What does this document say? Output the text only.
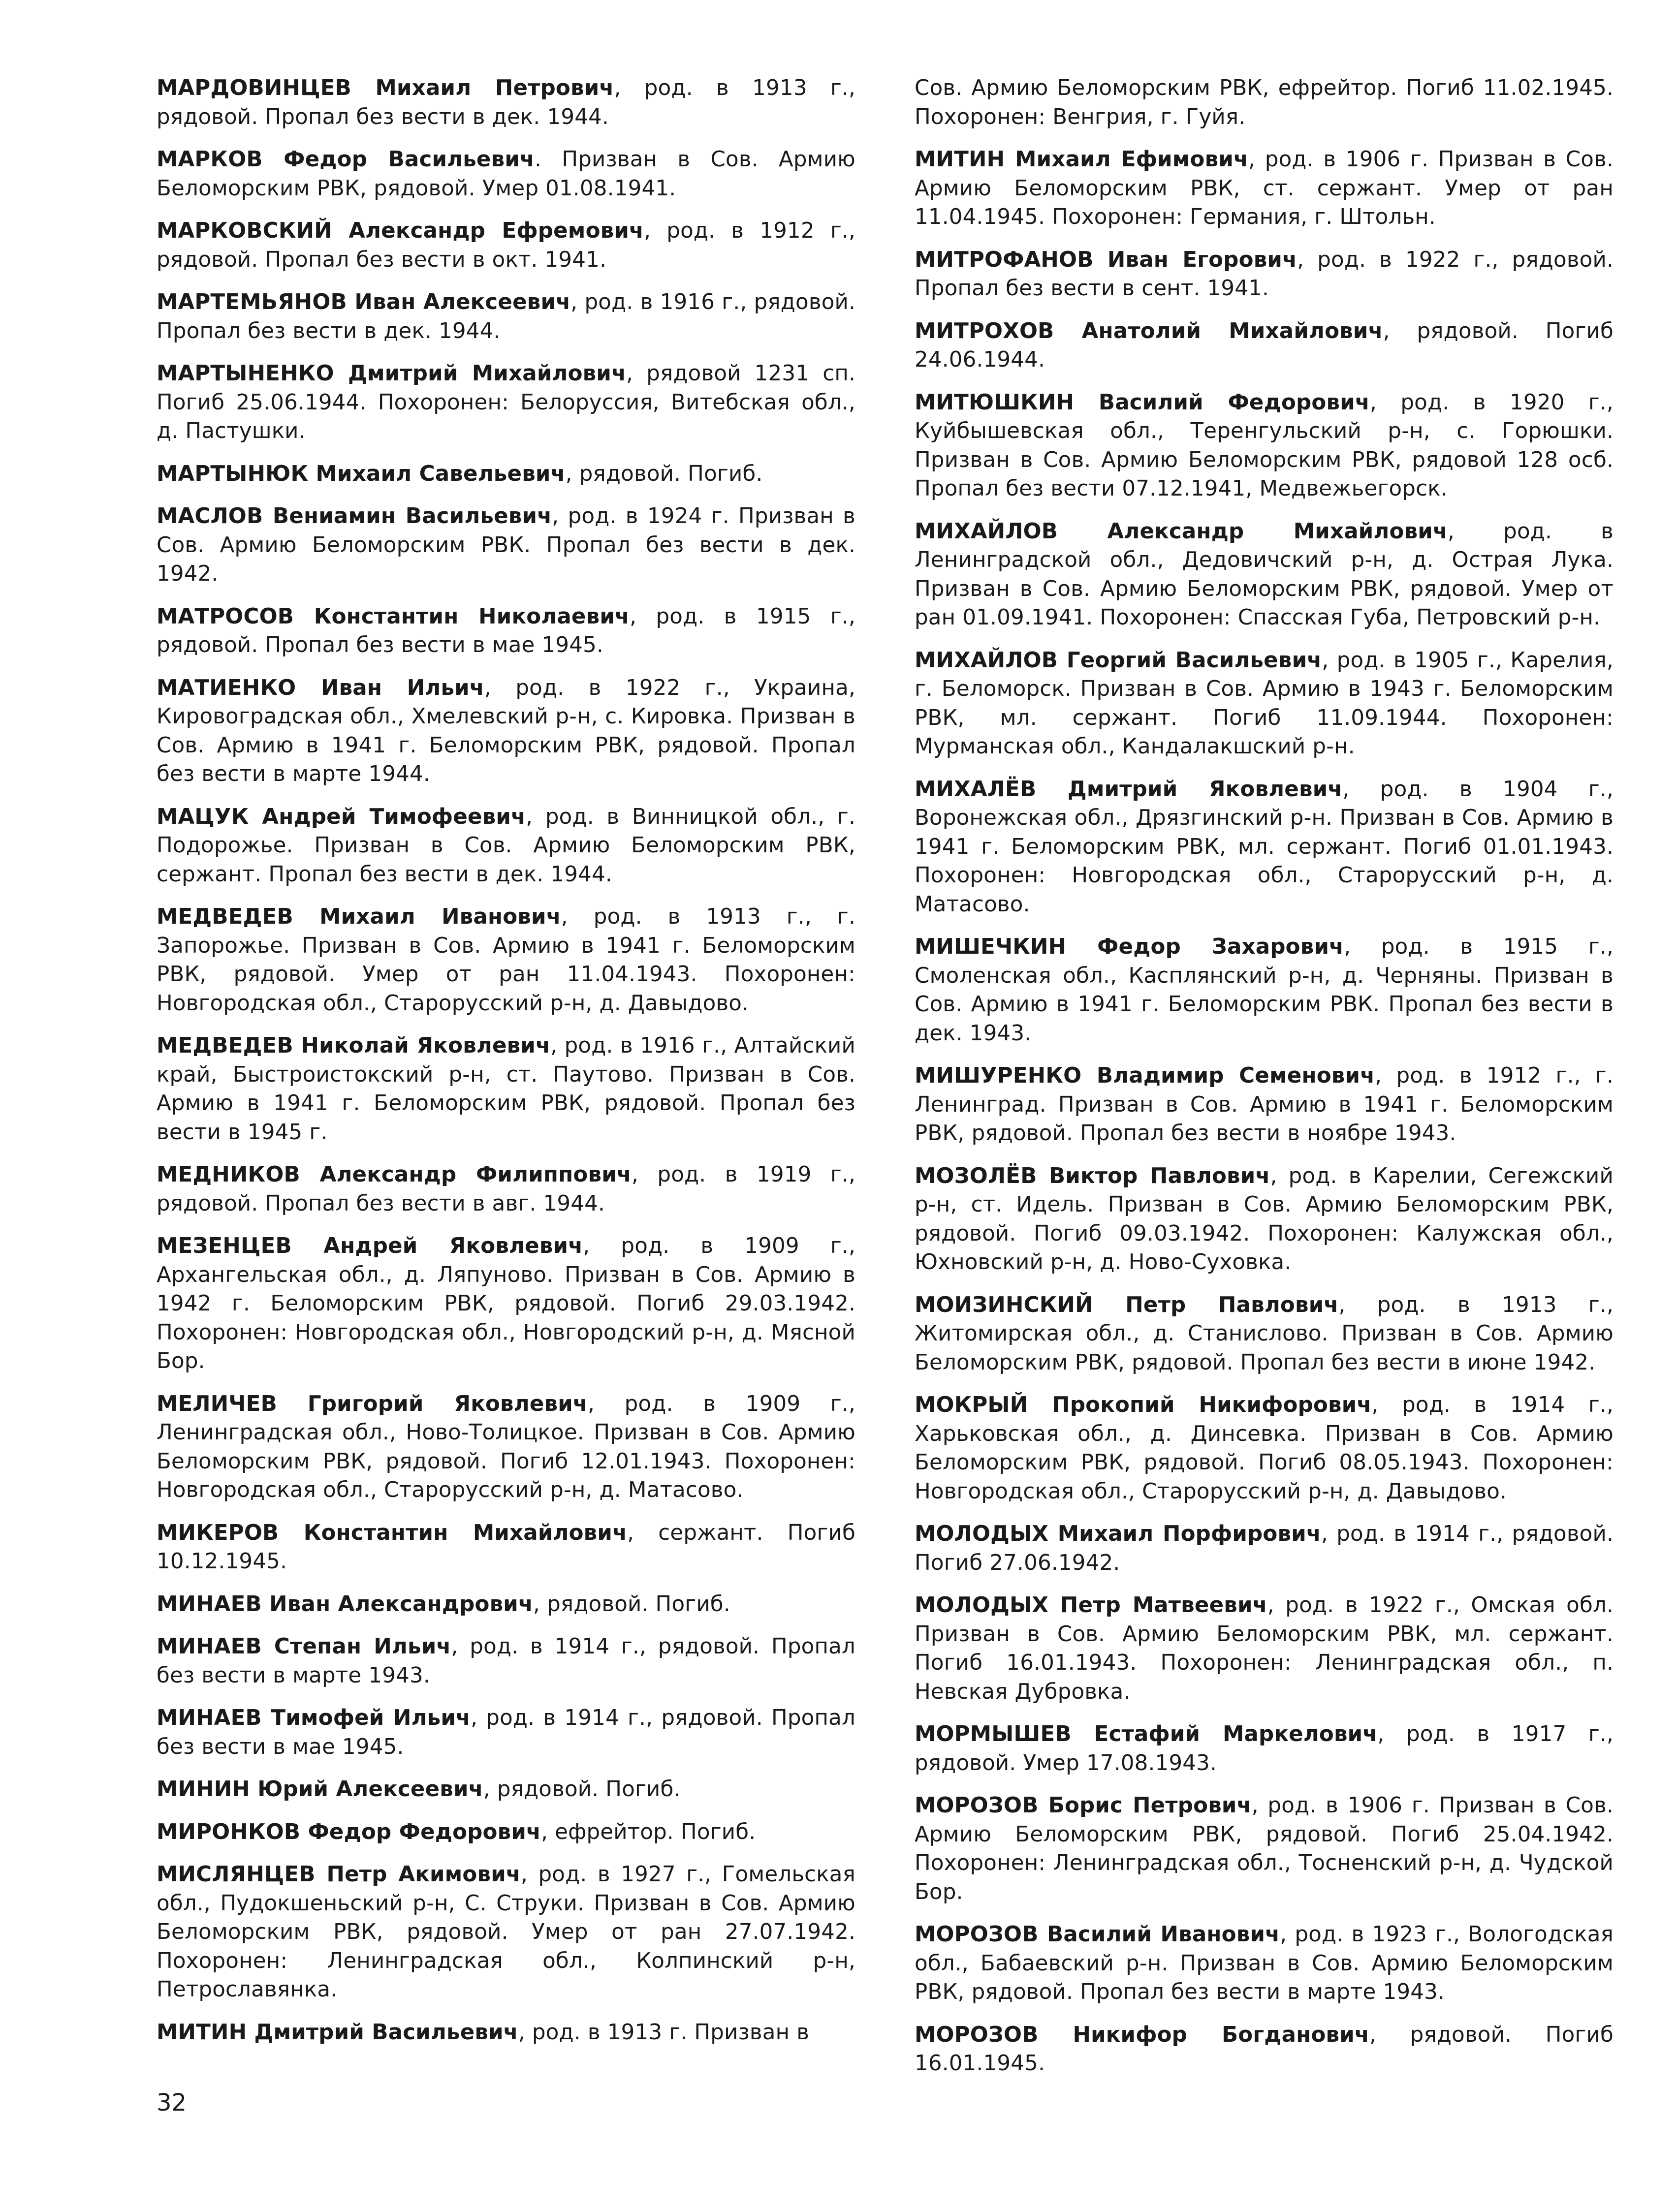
МАРДОВИНЦЕВ Михаил Петрович, род. в 1913 г., рядовой. Пропал без вести в дек. 1944.

МАРКОВ Федор Васильевич. Призван в Сов. Армию Беломорским РВК, рядовой. Умер 01.08.1941.

МАРКОВСКИЙ Александр Ефремович, род. в 1912 г., рядовой. Пропал без вести в окт. 1941.

МАРТЕМЬЯНОВ Иван Алексеевич, род. в 1916 г., рядовой. Пропал без вести в дек. 1944.

МАРТЫНЕНКО Дмитрий Михайлович, рядовой 1231 сп. Погиб 25.06.1944. Похоронен: Белоруссия, Витебская обл., д. Пастушки.

МАРТЫНЮК Михаил Савельевич, рядовой. Погиб.

МАСЛОВ Вениамин Васильевич, род. в 1924 г. Призван в Сов. Армию Беломорским РВК. Пропал без вести в дек. 1942.

МАТРОСОВ Константин Николаевич, род. в 1915 г., рядовой. Пропал без вести в мае 1945.

МАТИЕНКО Иван Ильич, род. в 1922 г., Украина, Кировоградская обл., Хмелевский р-н, с. Кировка. Призван в Сов. Армию в 1941 г. Беломорским РВК, рядовой. Пропал без вести в марте 1944.

МАЦУК Андрей Тимофеевич, род. в Винницкой обл., г. Подорожье. Призван в Сов. Армию Беломорским РВК, сержант. Пропал без вести в дек. 1944.

МЕДВЕДЕВ Михаил Иванович, род. в 1913 г., г. Запорожье. Призван в Сов. Армию в 1941 г. Беломорским РВК, рядовой. Умер от ран 11.04.1943. Похоронен: Новгородская обл., Старорусский р-н, д. Давыдово.

МЕДВЕДЕВ Николай Яковлевич, род. в 1916 г., Алтайский край, Быстроистокский р-н, ст. Паутово. Призван в Сов. Армию в 1941 г. Беломорским РВК, рядовой. Пропал без вести в 1945 г.

МЕДНИКОВ Александр Филиппович, род. в 1919 г., рядовой. Пропал без вести в авг. 1944.

МЕЗЕНЦЕВ Андрей Яковлевич, род. в 1909 г., Архангельская обл., д. Ляпуново. Призван в Сов. Армию в 1942 г. Беломорским РВК, рядовой. Погиб 29.03.1942. Похоронен: Новгородская обл., Новгородский р-н, д. Мясной Бор.

МЕЛИЧЕВ Григорий Яковлевич, род. в 1909 г., Ленинградская обл., Ново-Толицкое. Призван в Сов. Армию Беломорским РВК, рядовой. Погиб 12.01.1943. Похоронен: Новгородская обл., Старорусский р-н, д. Матасово.

МИКЕРОВ Константин Михайлович, сержант. Погиб 10.12.1945.

МИНАЕВ Иван Александрович, рядовой. Погиб.

МИНАЕВ Степан Ильич, род. в 1914 г., рядовой. Пропал без вести в марте 1943.

МИНАЕВ Тимофей Ильич, род. в 1914 г., рядовой. Пропал без вести в мае 1945.

МИНИН Юрий Алексеевич, рядовой. Погиб.

МИРОНКОВ Федор Федорович, ефрейтор. Погиб.

МИСЛЯНЦЕВ Петр Акимович, род. в 1927 г., Гомельская обл., Пудокшеньский р-н, С. Струки. Призван в Сов. Армию Беломорским РВК, рядовой. Умер от ран 27.07.1942. Похоронен: Ленинградская обл., Колпинский р-н, Петрославянка.

МИТИН Дмитрий Васильевич, род. в 1913 г. Призван в

Сов. Армию Беломорским РВК, ефрейтор. Погиб 11.02.1945. Похоронен: Венгрия, г. Гуйя.

МИТИН Михаил Ефимович, род. в 1906 г. Призван в Сов. Армию Беломорским РВК, ст. сержант. Умер от ран 11.04.1945. Похоронен: Германия, г. Штольн.

МИТРОФАНОВ Иван Егорович, род. в 1922 г., рядовой. Пропал без вести в сент. 1941.

МИТРОХОВ Анатолий Михайлович, рядовой. Погиб 24.06.1944.

МИТЮШКИН Василий Федорович, род. в 1920 г., Куйбышевская обл., Теренгульский р-н, с. Горюшки. Призван в Сов. Армию Беломорским РВК, рядовой 128 осб. Пропал без вести 07.12.1941, Медвежьегорск.

МИХАЙЛОВ Александр Михайлович, род. в Ленинградской обл., Дедовичский р-н, д. Острая Лука. Призван в Сов. Армию Беломорским РВК, рядовой. Умер от ран 01.09.1941. Похоронен: Спасская Губа, Петровский р-н.

МИХАЙЛОВ Георгий Васильевич, род. в 1905 г., Карелия, г. Беломорск. Призван в Сов. Армию в 1943 г. Беломорским РВК, мл. сержант. Погиб 11.09.1944. Похоронен: Мурманская обл., Кандалакшский р-н.

МИХАЛЁВ Дмитрий Яковлевич, род. в 1904 г., Воронежская обл., Дрязгинский р-н. Призван в Сов. Армию в 1941 г. Беломорским РВК, мл. сержант. Погиб 01.01.1943. Похоронен: Новгородская обл., Старорусский р-н, д. Матасово.

МИШЕЧКИН Федор Захарович, род. в 1915 г., Смоленская обл., Касплянский р-н, д. Черняны. Призван в Сов. Армию в 1941 г. Беломорским РВК. Пропал без вести в дек. 1943.

МИШУРЕНКО Владимир Семенович, род. в 1912 г., г. Ленинград. Призван в Сов. Армию в 1941 г. Беломорским РВК, рядовой. Пропал без вести в ноябре 1943.

МОЗОЛЁВ Виктор Павлович, род. в Карелии, Сегежский р-н, ст. Идель. Призван в Сов. Армию Беломорским РВК, рядовой. Погиб 09.03.1942. Похоронен: Калужская обл., Юхновский р-н, д. Ново-Суховка.

МОИЗИНСКИЙ Петр Павлович, род. в 1913 г., Житомирская обл., д. Станислово. Призван в Сов. Армию Беломорским РВК, рядовой. Пропал без вести в июне 1942.

МОКРЫЙ Прокопий Никифорович, род. в 1914 г., Харьковская обл., д. Динсевка. Призван в Сов. Армию Беломорским РВК, рядовой. Погиб 08.05.1943. Похоронен: Новгородская обл., Старорусский р-н, д. Давыдово.

МОЛОДЫХ Михаил Порфирович, род. в 1914 г., рядовой. Погиб 27.06.1942.

МОЛОДЫХ Петр Матвеевич, род. в 1922 г., Омская обл. Призван в Сов. Армию Беломорским РВК, мл. сержант. Погиб 16.01.1943. Похоронен: Ленинградская обл., п. Невская Дубровка.

МОРМЫШЕВ Естафий Маркелович, род. в 1917 г., рядовой. Умер 17.08.1943.

МОРОЗОВ Борис Петрович, род. в 1906 г. Призван в Сов. Армию Беломорским РВК, рядовой. Погиб 25.04.1942. Похоронен: Ленинградская обл., Тосненский р-н, д. Чудской Бор.

МОРОЗОВ Василий Иванович, род. в 1923 г., Вологодская обл., Бабаевский р-н. Призван в Сов. Армию Беломорским РВК, рядовой. Пропал без вести в марте 1943.

МОРОЗОВ Никифор Богданович, рядовой. Погиб 16.01.1945.

32
